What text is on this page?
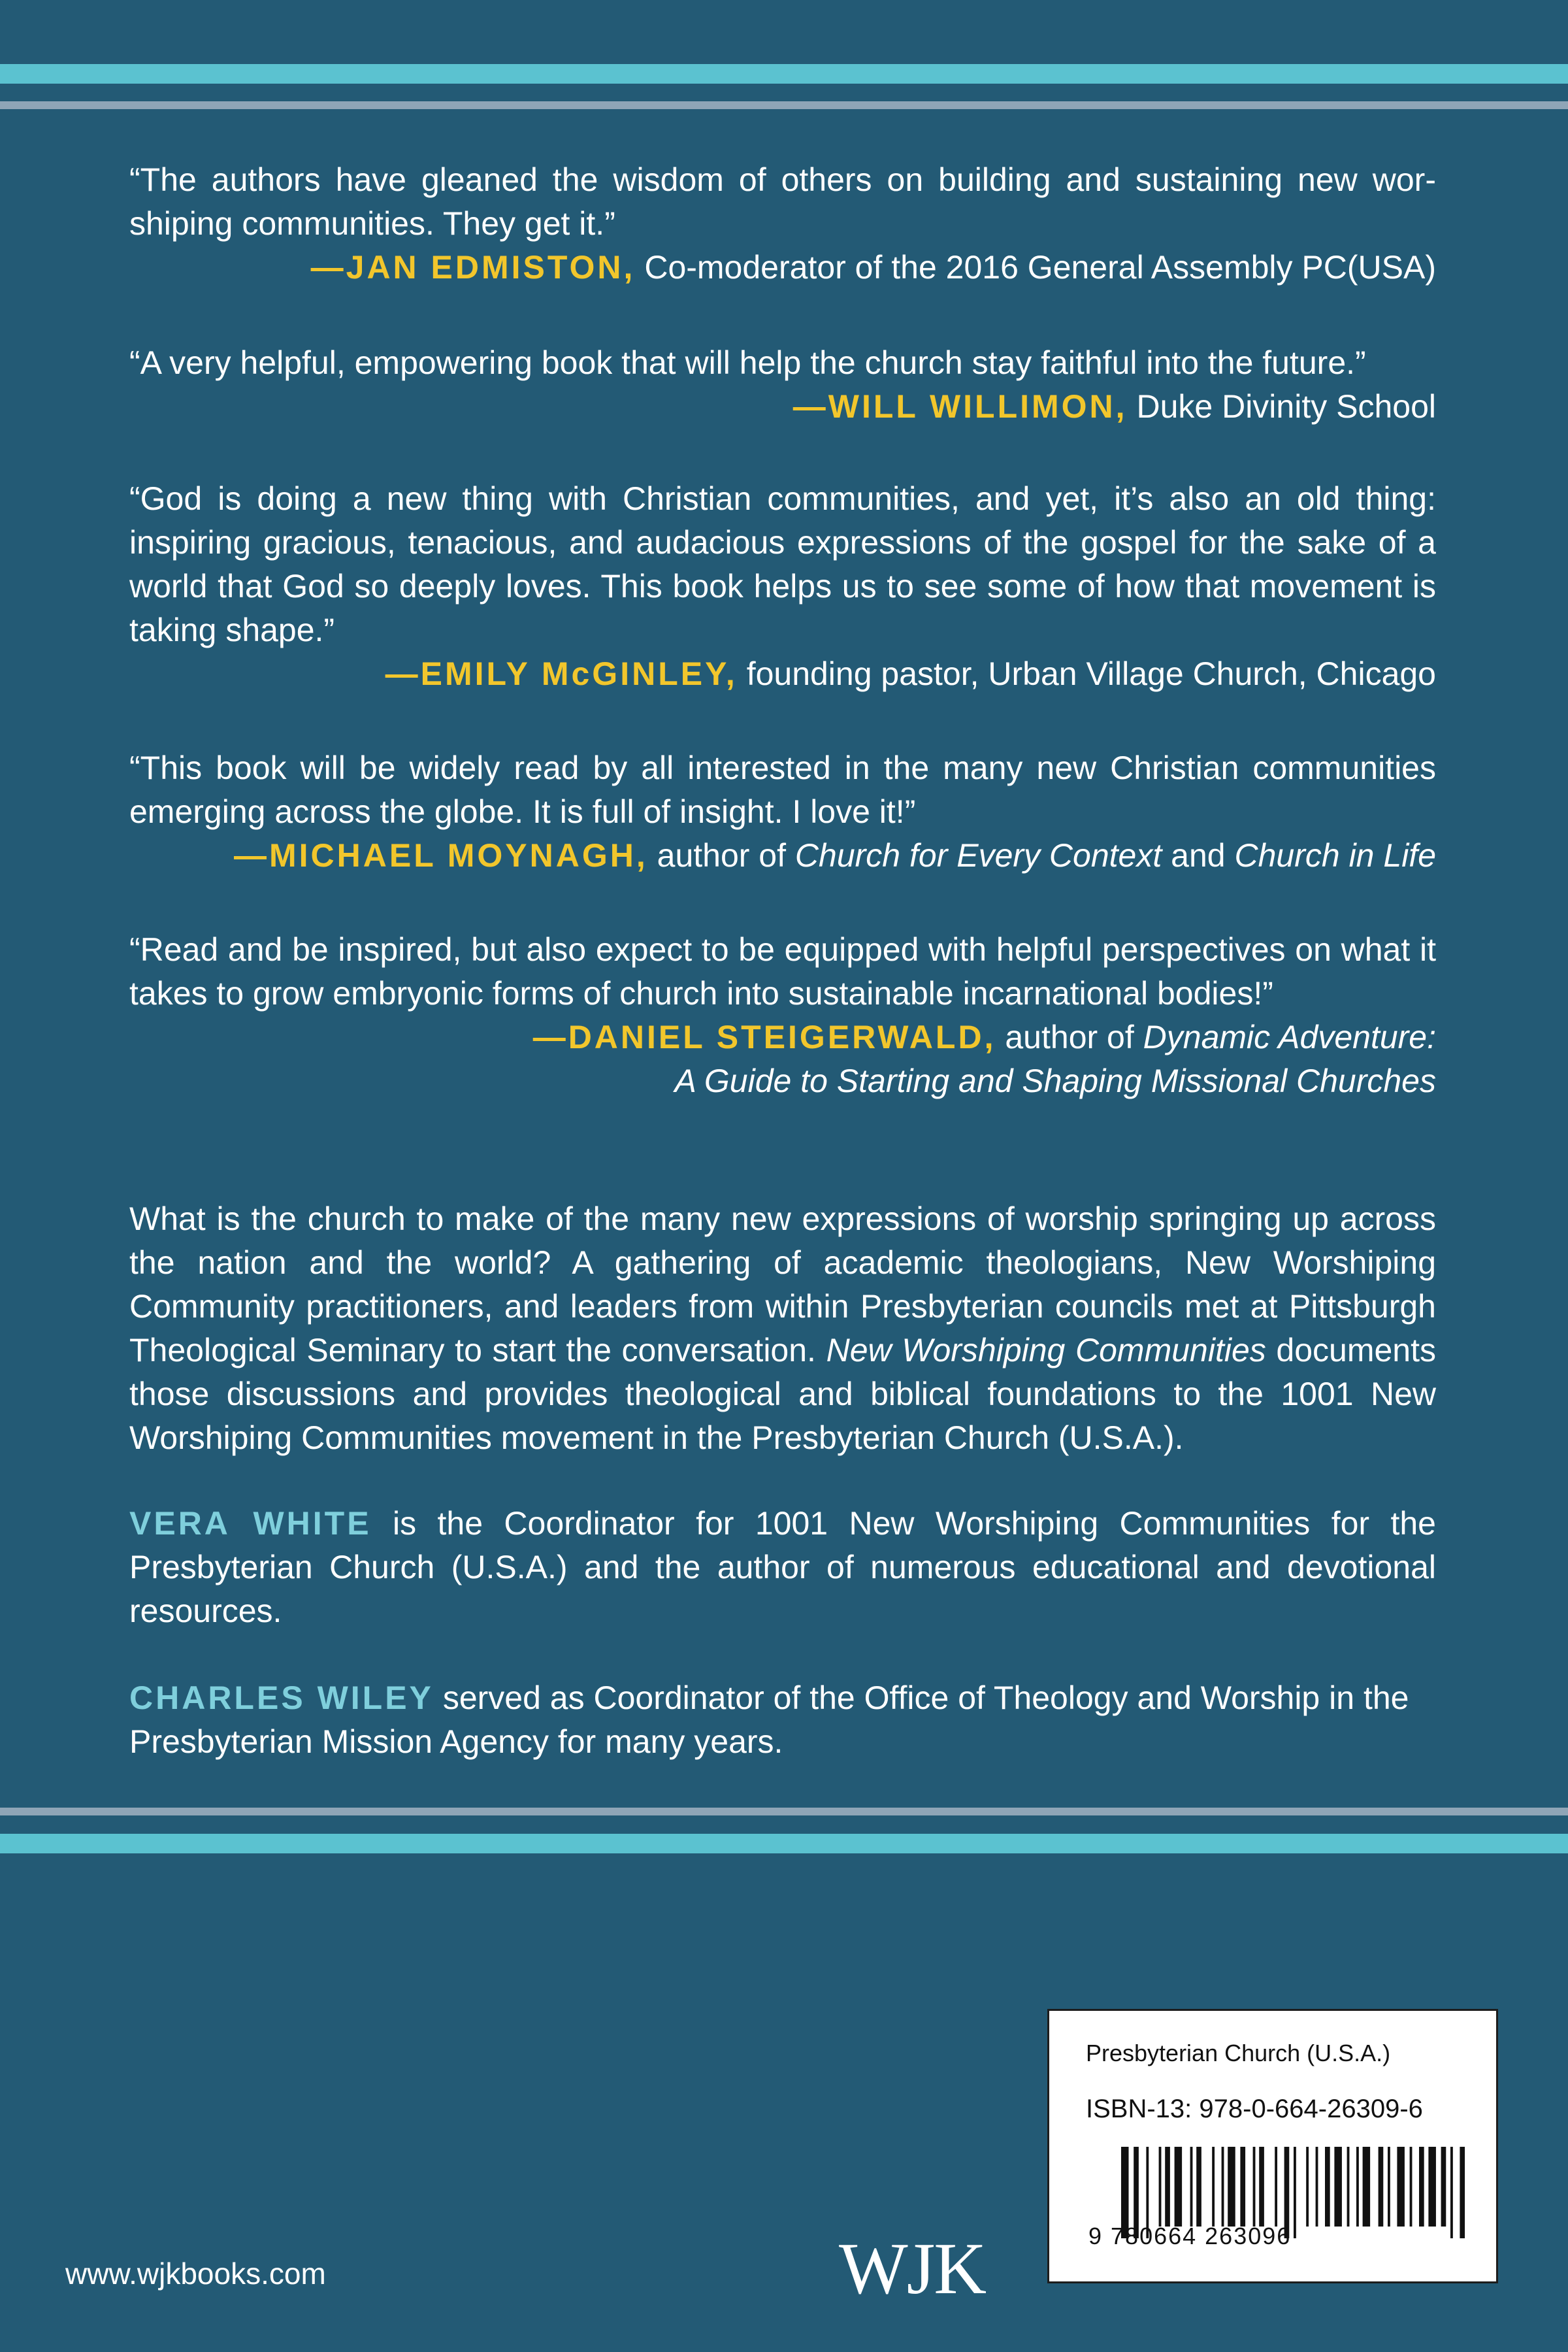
“The authors have gleaned the wisdom of others on building and sustaining new wor-shiping communities. They get it.”

—JAN EDMISTON, Co-moderator of the 2016 General Assembly PC(USA)

“A very helpful, empowering book that will help the church stay faithful into the future.”

—WILL WILLIMON, Duke Divinity School

“God is doing a new thing with Christian communities, and yet, it’s also an old thing: inspiring gracious, tenacious, and audacious expressions of the gospel for the sake of a world that God so deeply loves. This book helps us to see some of how that movement is taking shape.”

—EMILY McGINLEY, founding pastor, Urban Village Church, Chicago

“This book will be widely read by all interested in the many new Christian communities emerging across the globe. It is full of insight. I love it!”

—MICHAEL MOYNAGH, author of Church for Every Context and Church in Life

“Read and be inspired, but also expect to be equipped with helpful perspectives on what it takes to grow embryonic forms of church into sustainable incarnational bodies!”

—DANIEL STEIGERWALD, author of Dynamic Adventure:

A Guide to Starting and Shaping Missional Churches

What is the church to make of the many new expressions of worship springing up across the nation and the world? A gathering of academic theologians, New Worshiping Community practitioners, and leaders from within Presbyterian councils met at Pittsburgh Theological Seminary to start the conversation. New Worshiping Communities documents those discussions and provides theological and biblical foundations to the 1001 New Worshiping Communities movement in the Presbyterian Church (U.S.A.).

VERA WHITE is the Coordinator for 1001 New Worshiping Communities for the Presbyterian Church (U.S.A.) and the author of numerous educational and devotional resources.

CHARLES WILEY served as Coordinator of the Office of Theology and Worship in the Presbyterian Mission Agency for many years.

www.wjkbooks.com	WJK
Presbyterian Church (U.S.A.)
ISBN-13: 978-0-664-26309-6
9 780664 263096
